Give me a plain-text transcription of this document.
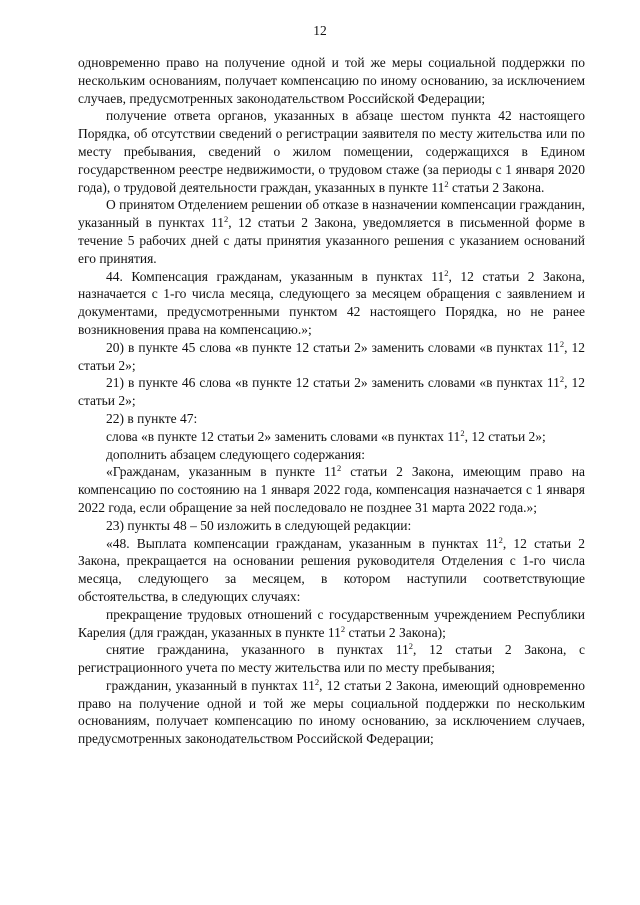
12

одновременно право на получение одной и той же меры социальной поддержки по нескольким основаниям, получает компенсацию по иному основанию, за исключением случаев, предусмотренных законодательством Российской Федерации;

получение ответа органов, указанных в абзаце шестом пункта 42 настоящего Порядка, об отсутствии сведений о регистрации заявителя по месту жительства или по месту пребывания, сведений о жилом помещении, содержащихся в Едином государственном реестре недвижимости, о трудовом стаже (за периоды с 1 января 2020 года), о трудовой деятельности граждан, указанных в пункте $11^2$ статьи 2 Закона.

О принятом Отделением решении об отказе в назначении компенсации гражданин, указанный в пунктах $11^2$, 12 статьи 2 Закона, уведомляется в письменной форме в течение 5 рабочих дней с даты принятия указанного решения с указанием оснований его принятия.

44. Компенсация гражданам, указанным в пунктах $11^2$, 12 статьи 2 Закона, назначается с 1-го числа месяца, следующего за месяцем обращения с заявлением и документами, предусмотренными пунктом 42 настоящего Порядка, но не ранее возникновения права на компенсацию.»;

20) в пункте 45 слова «в пункте 12 статьи 2» заменить словами «в пунктах $11^2$, 12 статьи 2»;

21) в пункте 46 слова «в пункте 12 статьи 2» заменить словами «в пунктах $11^2$, 12 статьи 2»;

22) в пункте 47:

слова «в пункте 12 статьи 2» заменить словами «в пунктах $11^2$, 12 статьи 2»;

дополнить абзацем следующего содержания:

«Гражданам, указанным в пункте $11^2$ статьи 2 Закона, имеющим право на компенсацию по состоянию на 1 января 2022 года, компенсация назначается с 1 января 2022 года, если обращение за ней последовало не позднее 31 марта 2022 года.»;

23) пункты 48 – 50 изложить в следующей редакции:

«48. Выплата компенсации гражданам, указанным в пунктах $11^2$, 12 статьи 2 Закона, прекращается на основании решения руководителя Отделения с 1-го числа месяца, следующего за месяцем, в котором наступили соответствующие обстоятельства, в следующих случаях:

прекращение трудовых отношений с государственным учреждением Республики Карелия (для граждан, указанных в пункте $11^2$ статьи 2 Закона);

снятие гражданина, указанного в пунктах $11^2$, 12 статьи 2 Закона, с регистрационного учета по месту жительства или по месту пребывания;

гражданин, указанный в пунктах $11^2$, 12 статьи 2 Закона, имеющий одновременно право на получение одной и той же меры социальной поддержки по нескольким основаниям, получает компенсацию по иному основанию, за исключением случаев, предусмотренных законодательством Российской Федерации;
